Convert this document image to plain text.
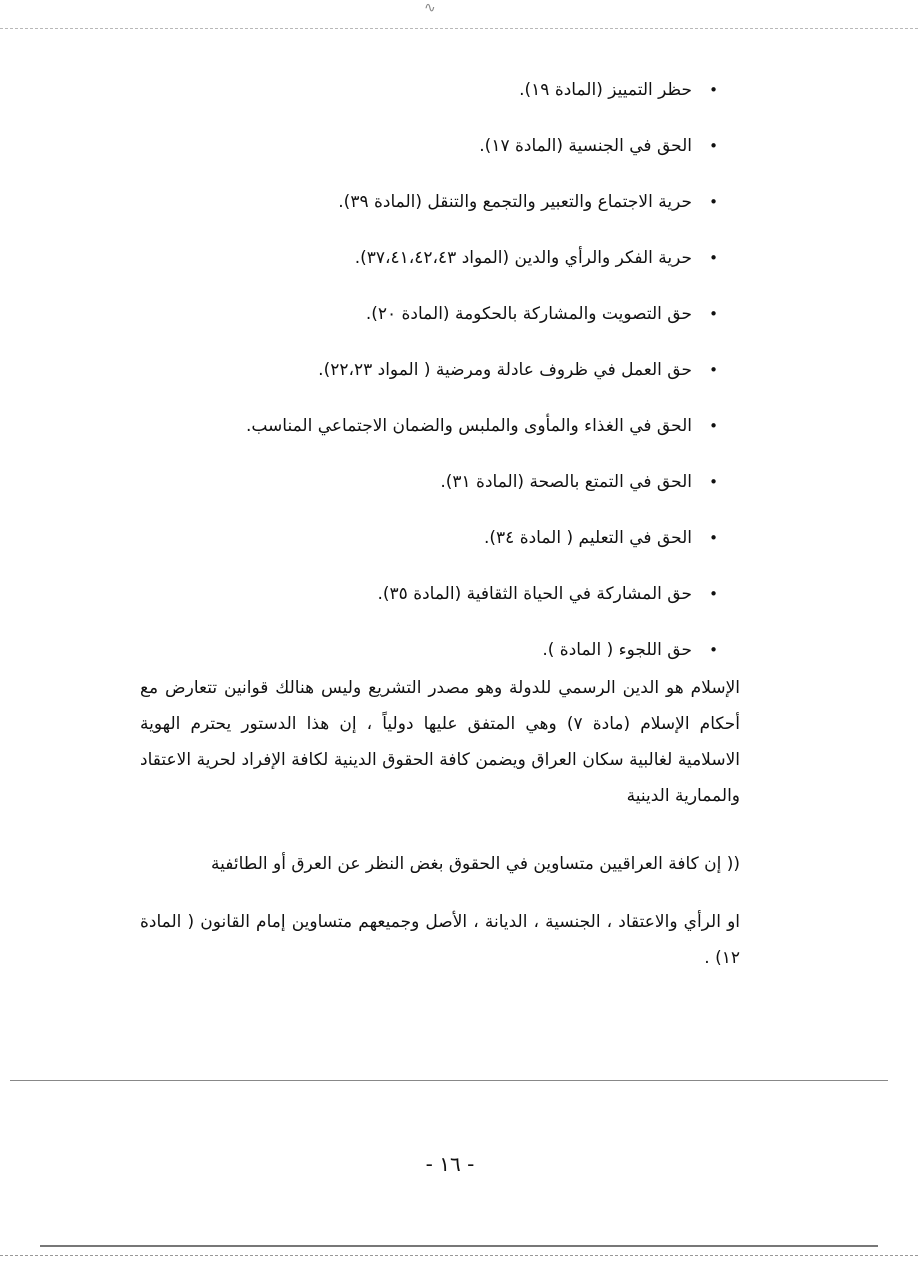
∿
•حظر التمييز (المادة ١٩).
•الحق في الجنسية (المادة ١٧).
•حرية الاجتماع والتعبير والتجمع والتنقل (المادة ٣٩).
•حرية الفكر والرأي والدين (المواد ٣٧،٤١،٤٢،٤٣).
•حق التصويت والمشاركة بالحكومة (المادة ٢٠).
•حق العمل في ظروف عادلة ومرضية ( المواد ٢٢،٢٣).
•الحق في الغذاء والمأوى والملبس والضمان الاجتماعي المناسب.
•الحق في التمتع بالصحة (المادة ٣١).
•الحق في التعليم ( المادة ٣٤).
•حق المشاركة في الحياة الثقافية (المادة ٣٥).
•حق اللجوء ( المادة ).

الإسلام هو الدين الرسمي للدولة وهو مصدر التشريع وليس هنالك قوانين تتعارض مع أحكام الإسلام (مادة ٧) وهي المتفق عليها دولياً ، إن هذا الدستور يحترم الهوية الاسلامية لغالبية سكان العراق ويضمن كافة الحقوق الدينية لكافة الإفراد لحرية الاعتقاد والممارية الدينية

(( إن كافة العراقيين متساوين في الحقوق بغض النظر عن العرق أو الطائفية

او الرأي والاعتقاد ، الجنسية ، الديانة ، الأصل وجميعهم متساوين إمام القانون ( المادة ١٢) .

- ١٦ -
